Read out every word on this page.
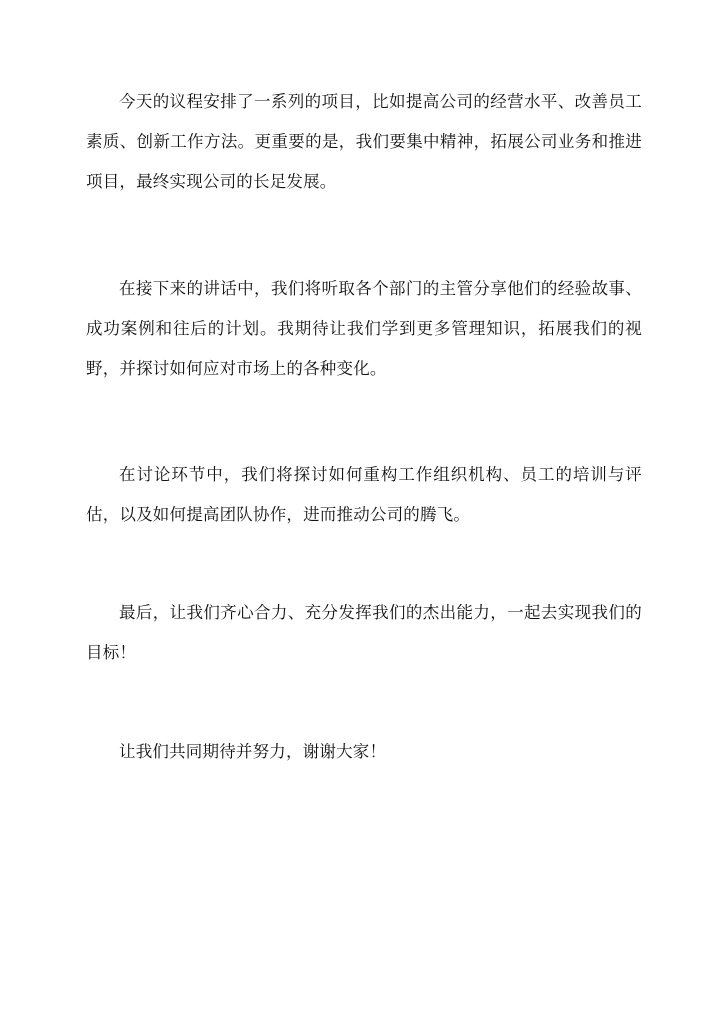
今天的议程安排了一系列的项目，比如提高公司的经营水平、改善员工素质、创新工作方法。更重要的是，我们要集中精神，拓展公司业务和推进项目，最终实现公司的长足发展。

在接下来的讲话中，我们将听取各个部门的主管分享他们的经验故事、成功案例和往后的计划。我期待让我们学到更多管理知识，拓展我们的视野，并探讨如何应对市场上的各种变化。

在讨论环节中，我们将探讨如何重构工作组织机构、员工的培训与评估，以及如何提高团队协作，进而推动公司的腾飞。

最后，让我们齐心合力、充分发挥我们的杰出能力，一起去实现我们的目标！

让我们共同期待并努力，谢谢大家！
